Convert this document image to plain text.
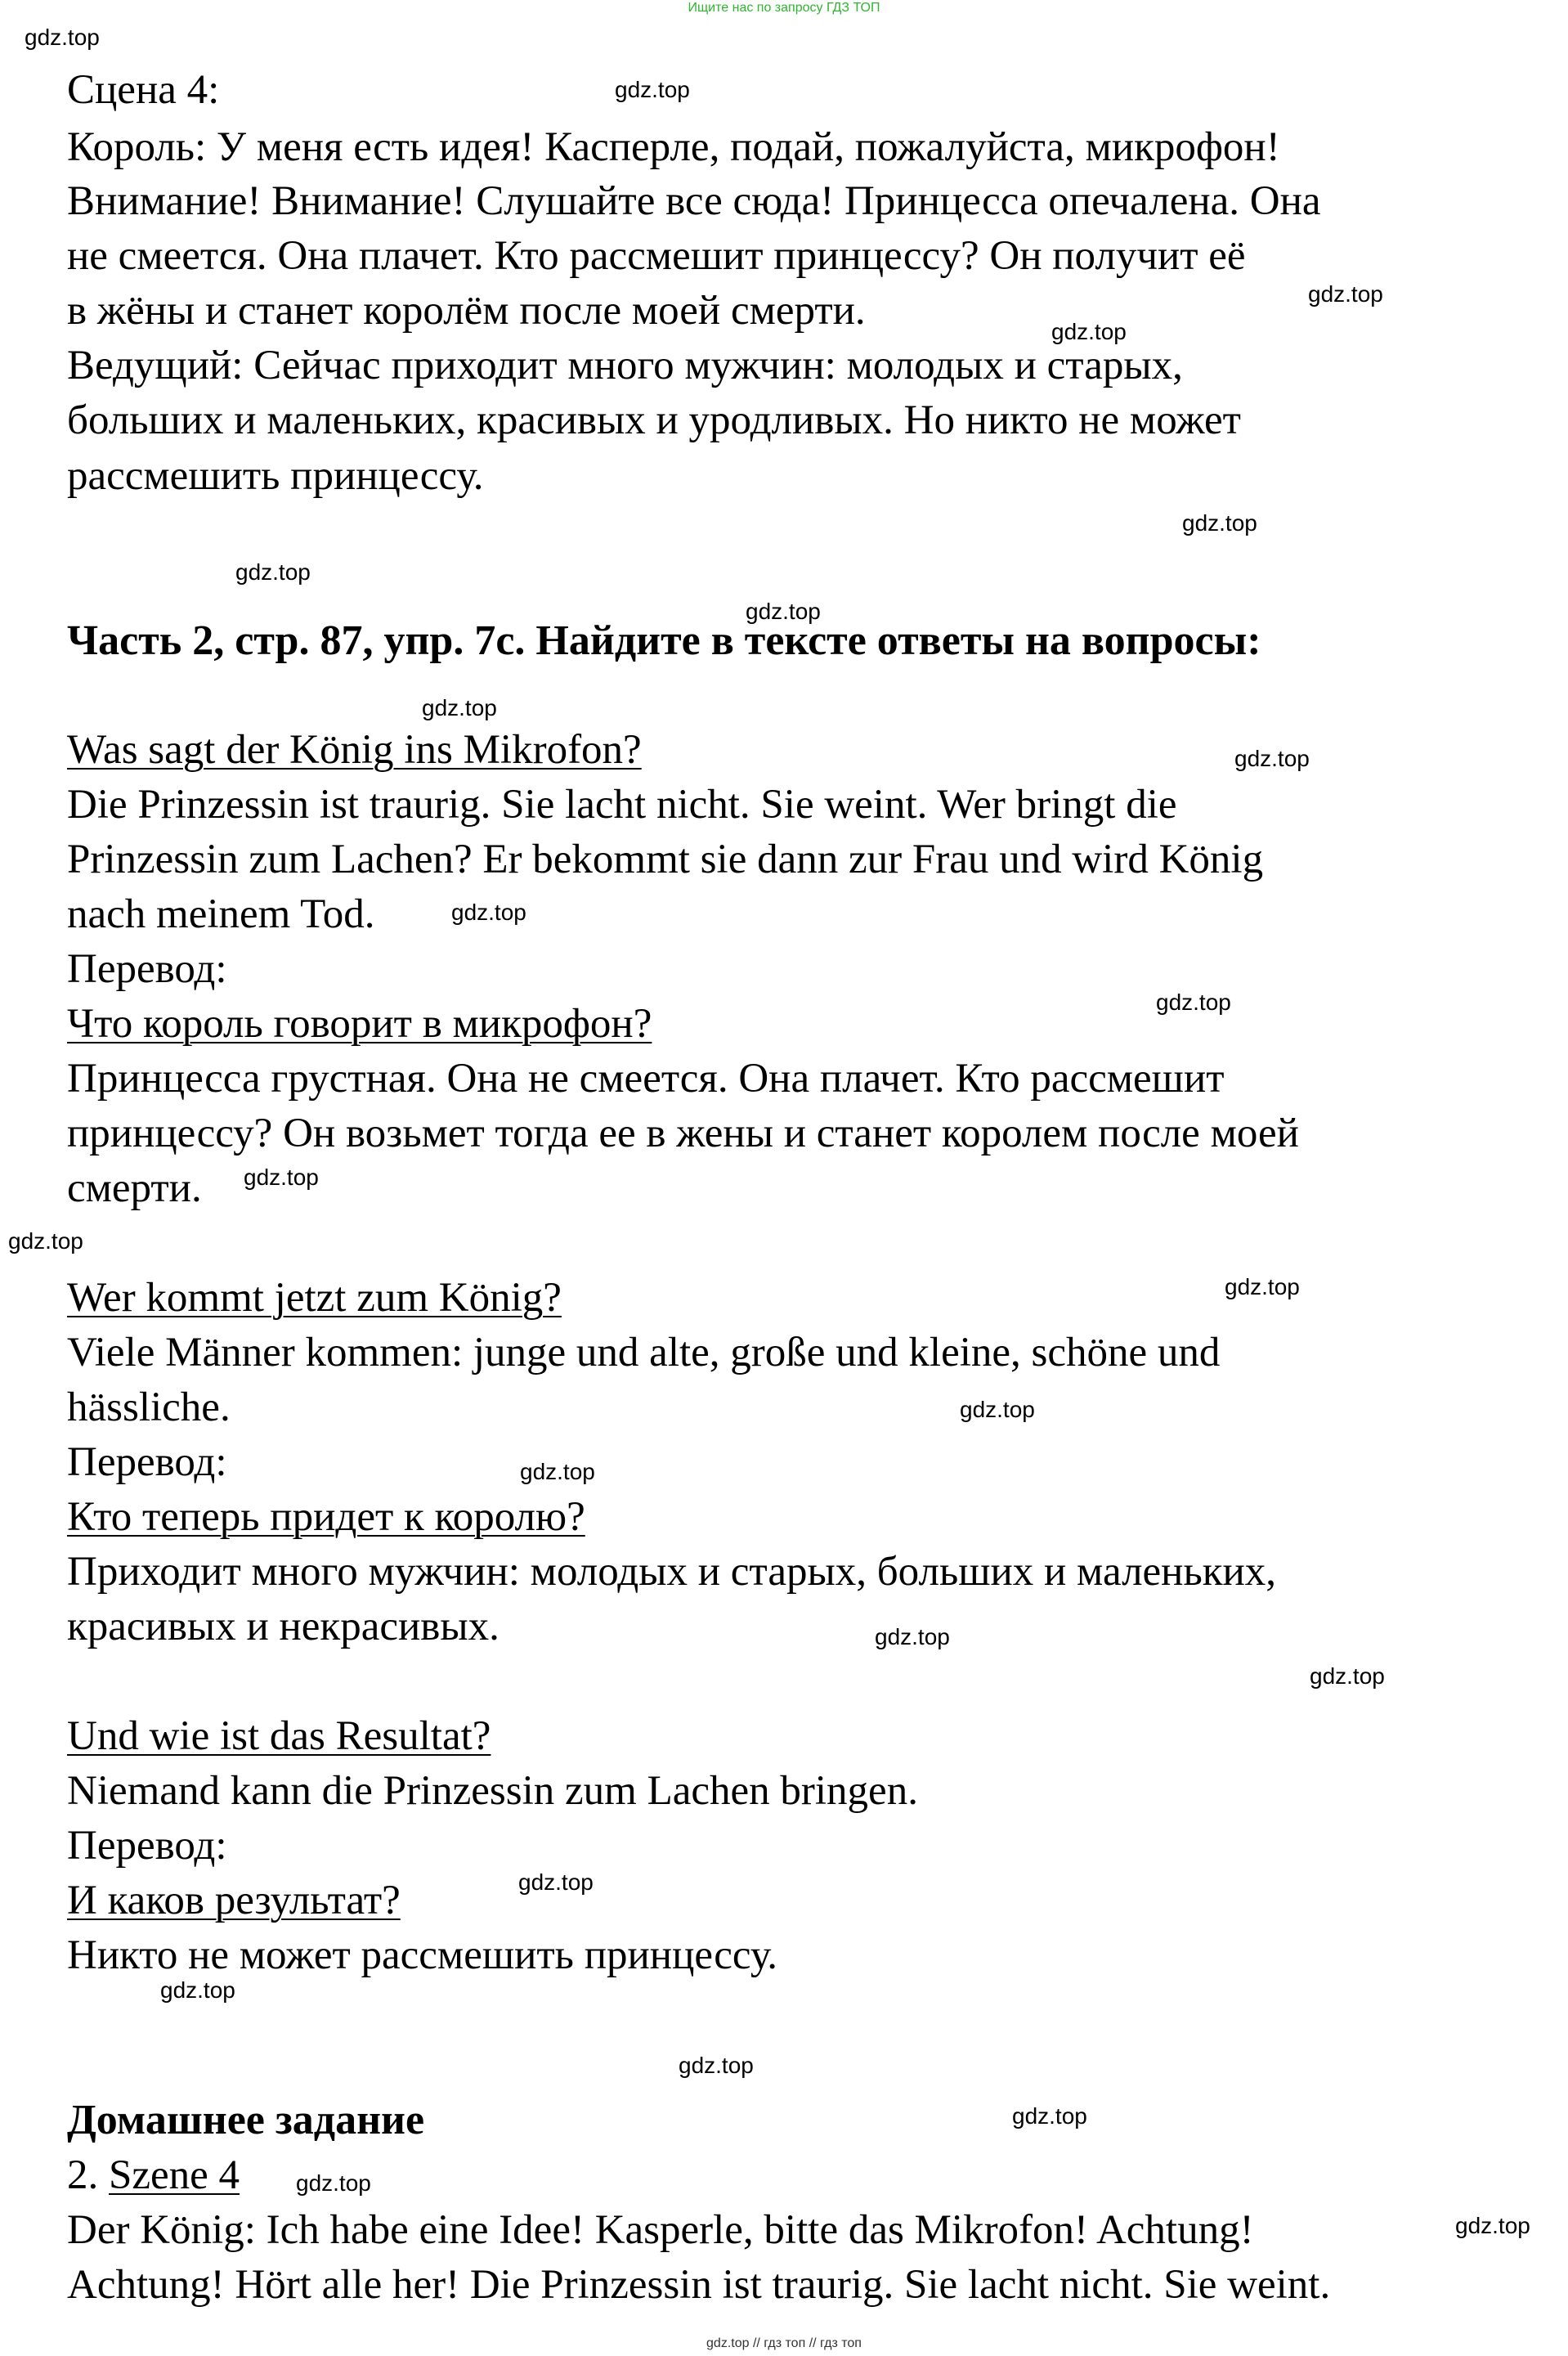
Ищите нас по запросу ГДЗ ТОП
Сцена 4:
Король: У меня есть идея! Касперле, подай, пожалуйста, микрофон!
Внимание! Внимание! Слушайте все сюда! Принцесса опечалена. Она
не смеется. Она плачет. Кто рассмешит принцессу? Он получит её
в жёны и станет королём после моей смерти.
Ведущий: Сейчас приходит много мужчин: молодых и старых,
больших и маленьких, красивых и уродливых. Но никто не может
рассмешить принцессу.
Часть 2, стр. 87, упр. 7c. Найдите в тексте ответы на вопросы:
Was sagt der König ins Mikrofon?
Die Prinzessin ist traurig. Sie lacht nicht. Sie weint. Wer bringt die
Prinzessin zum Lachen? Er bekommt sie dann zur Frau und wird König
nach meinem Tod.
Перевод:
Что король говорит в микрофон?
Принцесса грустная. Она не смеется. Она плачет. Кто рассмешит
принцессу? Он возьмет тогда ее в жены и станет королем после моей
смерти.
Wer kommt jetzt zum König?
Viele Männer kommen: junge und alte, große und kleine, schöne und
hässliche.
Перевод:
Кто теперь придет к королю?
Приходит много мужчин: молодых и старых, больших и маленьких,
красивых и некрасивых.
Und wie ist das Resultat?
Niemand kann die Prinzessin zum Lachen bringen.
Перевод:
И каков результат?
Никто не может рассмешить принцессу.
Домашнее задание
2. Szene 4
Der König: Ich habe eine Idee! Kasperle, bitte das Mikrofon! Achtung!
Achtung! Hört alle her! Die Prinzessin ist traurig. Sie lacht nicht. Sie weint.
gdz.top
gdz.top
gdz.top
gdz.top
gdz.top
gdz.top
gdz.top
gdz.top
gdz.top
gdz.top
gdz.top
gdz.top
gdz.top
gdz.top
gdz.top
gdz.top
gdz.top
gdz.top
gdz.top
gdz.top
gdz.top
gdz.top
gdz.top
gdz.top
gdz.top // гдз топ // гдз топ
